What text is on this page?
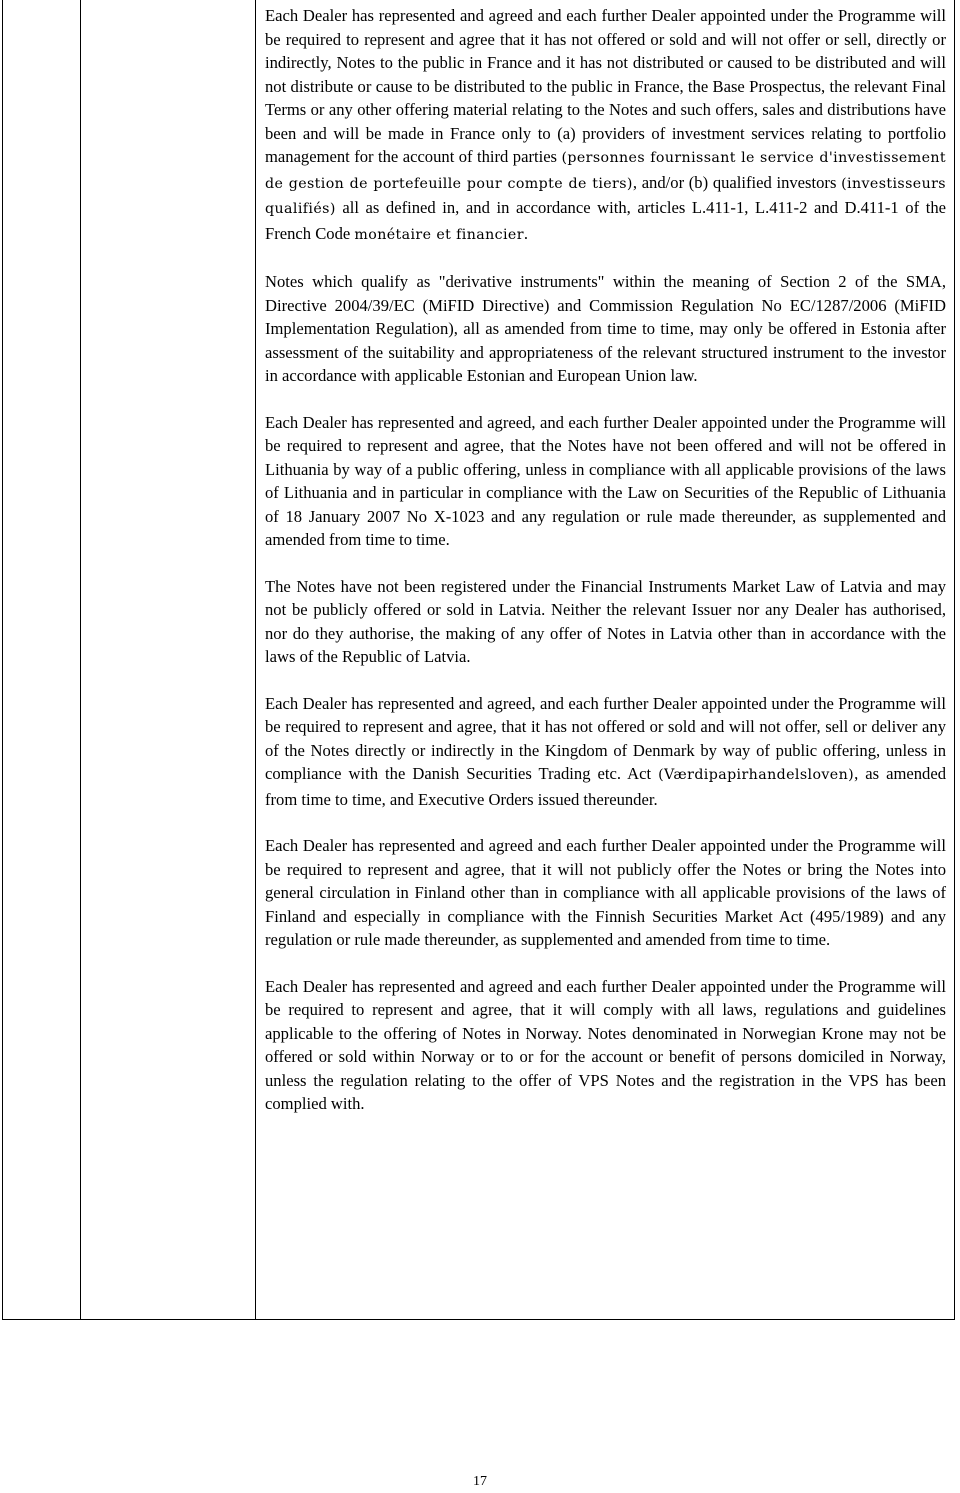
Each Dealer has represented and agreed and each further Dealer appointed under the Programme will be required to represent and agree that it has not offered or sold and will not offer or sell, directly or indirectly, Notes to the public in France and it has not distributed or caused to be distributed and will not distribute or cause to be distributed to the public in France, the Base Prospectus, the relevant Final Terms or any other offering material relating to the Notes and such offers, sales and distributions have been and will be made in France only to (a) providers of investment services relating to portfolio management for the account of third parties (personnes fournissant le service d'investissement de gestion de portefeuille pour compte de tiers), and/or (b) qualified investors (investisseurs qualifiés) all as defined in, and in accordance with, articles L.411-1, L.411-2 and D.411-1 of the French Code monétaire et financier.

Notes which qualify as "derivative instruments" within the meaning of Section 2 of the SMA, Directive 2004/39/EC (MiFID Directive) and Commission Regulation No EC/1287/2006 (MiFID Implementation Regulation), all as amended from time to time, may only be offered in Estonia after assessment of the suitability and appropriateness of the relevant structured instrument to the investor in accordance with applicable Estonian and European Union law.

Each Dealer has represented and agreed, and each further Dealer appointed under the Programme will be required to represent and agree, that the Notes have not been offered and will not be offered in Lithuania by way of a public offering, unless in compliance with all applicable provisions of the laws of Lithuania and in particular in compliance with the Law on Securities of the Republic of Lithuania of 18 January 2007 No X-1023 and any regulation or rule made thereunder, as supplemented and amended from time to time.

The Notes have not been registered under the Financial Instruments Market Law of Latvia and may not be publicly offered or sold in Latvia. Neither the relevant Issuer nor any Dealer has authorised, nor do they authorise, the making of any offer of Notes in Latvia other than in accordance with the laws of the Republic of Latvia.

Each Dealer has represented and agreed, and each further Dealer appointed under the Programme will be required to represent and agree, that it has not offered or sold and will not offer, sell or deliver any of the Notes directly or indirectly in the Kingdom of Denmark by way of public offering, unless in compliance with the Danish Securities Trading etc. Act (Værdipapirhandelsloven), as amended from time to time, and Executive Orders issued thereunder.

Each Dealer has represented and agreed and each further Dealer appointed under the Programme will be required to represent and agree, that it will not publicly offer the Notes or bring the Notes into general circulation in Finland other than in compliance with all applicable provisions of the laws of Finland and especially in compliance with the Finnish Securities Market Act (495/1989) and any regulation or rule made thereunder, as supplemented and amended from time to time.

Each Dealer has represented and agreed and each further Dealer appointed under the Programme will be required to represent and agree, that it will comply with all laws, regulations and guidelines applicable to the offering of Notes in Norway. Notes denominated in Norwegian Krone may not be offered or sold within Norway or to or for the account or benefit of persons domiciled in Norway, unless the regulation relating to the offer of VPS Notes and the registration in the VPS has been complied with.

17
